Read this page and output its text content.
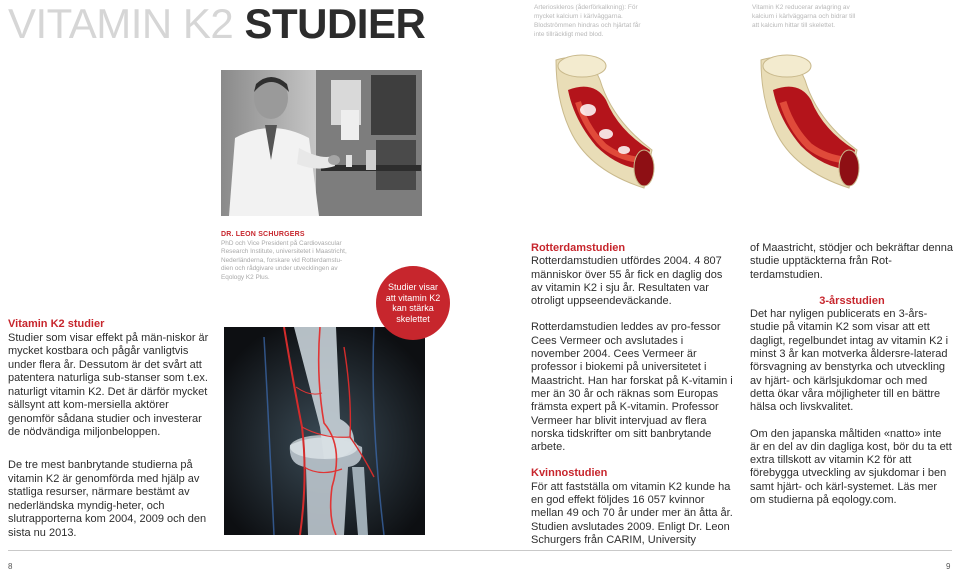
VITAMIN K2 STUDIER	Arterioskleros (åderförkalkning): För mycket kalcium i kärlväggarna. Blodströmmen hindras och hjärtat får inte tillräckligt med blod.
Vitamin K2 reducerar avlagring av kalcium i kärlväggarna och bidrar till att kalcium hittar till skelettet.
DR. LEON SCHURGERS
PhD och Vice President på Cardiovascular Research Institute, universitetet i Maastricht, Nederländerna, forskare vid Rotterdamstu-dien och rådgivare under utvecklingen av Eqology K2 Plus.
Studier visar att vitamin K2 kan stärka skelettet
Vitamin K2 studier
Studier som visar effekt på män-niskor är mycket kostbara och pågår vanligtvis under flera år. Dessutom är det svårt att patentera naturliga sub-stanser som t.ex. naturligt vitamin K2. Det är därför mycket sällsynt att kom-mersiella aktörer genomför sådana studier och investerar de nödvändiga miljonbeloppen.
De tre mest banbrytande studierna på vitamin K2 är genomförda med hjälp av statliga resurser, närmare bestämt av nederländska myndig-heter, och slutrapporterna kom 2004, 2009 och den sista nu 2013.
Rotterdamstudien

Rotterdamstudien utfördes 2004. 4 807 människor över 55 år fick en daglig dos av vitamin K2 i sju år. Resultaten var otroligt uppseendeväckande.

Rotterdamstudien leddes av pro-fessor Cees Vermeer och avslutades i november 2004. Cees Vermeer är professor i biokemi på universitetet i Maastricht. Han har forskat på K-vitamin i mer än 30 år och räknas som Europas främsta expert på K-vitamin. Professor Vermeer har blivit intervjuad av flera norska tidskrifter om sitt banbrytande arbete.

Kvinnostudien

För att fastställa om vitamin K2 kunde ha en god effekt följdes 16 057 kvinnor mellan 49 och 70 år under mer än åtta år. Studien avslutades 2009. Enligt Dr. Leon Schurgers från CARIM, University

of Maastricht, stödjer och bekräftar denna studie upptäckterna från Rot-terdamstudien.

3-årsstudien

Det har nyligen publicerats en 3-års-studie på vitamin K2 som visar att ett dagligt, regelbundet intag av vitamin K2 i minst 3 år kan motverka åldersre-laterad försvagning av benstyrka och utveckling av hjärt- och kärlsjukdomar och med detta ökar våra möjligheter till en bättre hälsa och livskvalitet.

Om den japanska måltiden «natto» inte är en del av din dagliga kost, bör du ta ett extra tillskott av vitamin K2 för att förebygga utveckling av sjukdomar i ben samt hjärt- och kärl-systemet. Läs mer om studierna på eqology.com.

8	9
